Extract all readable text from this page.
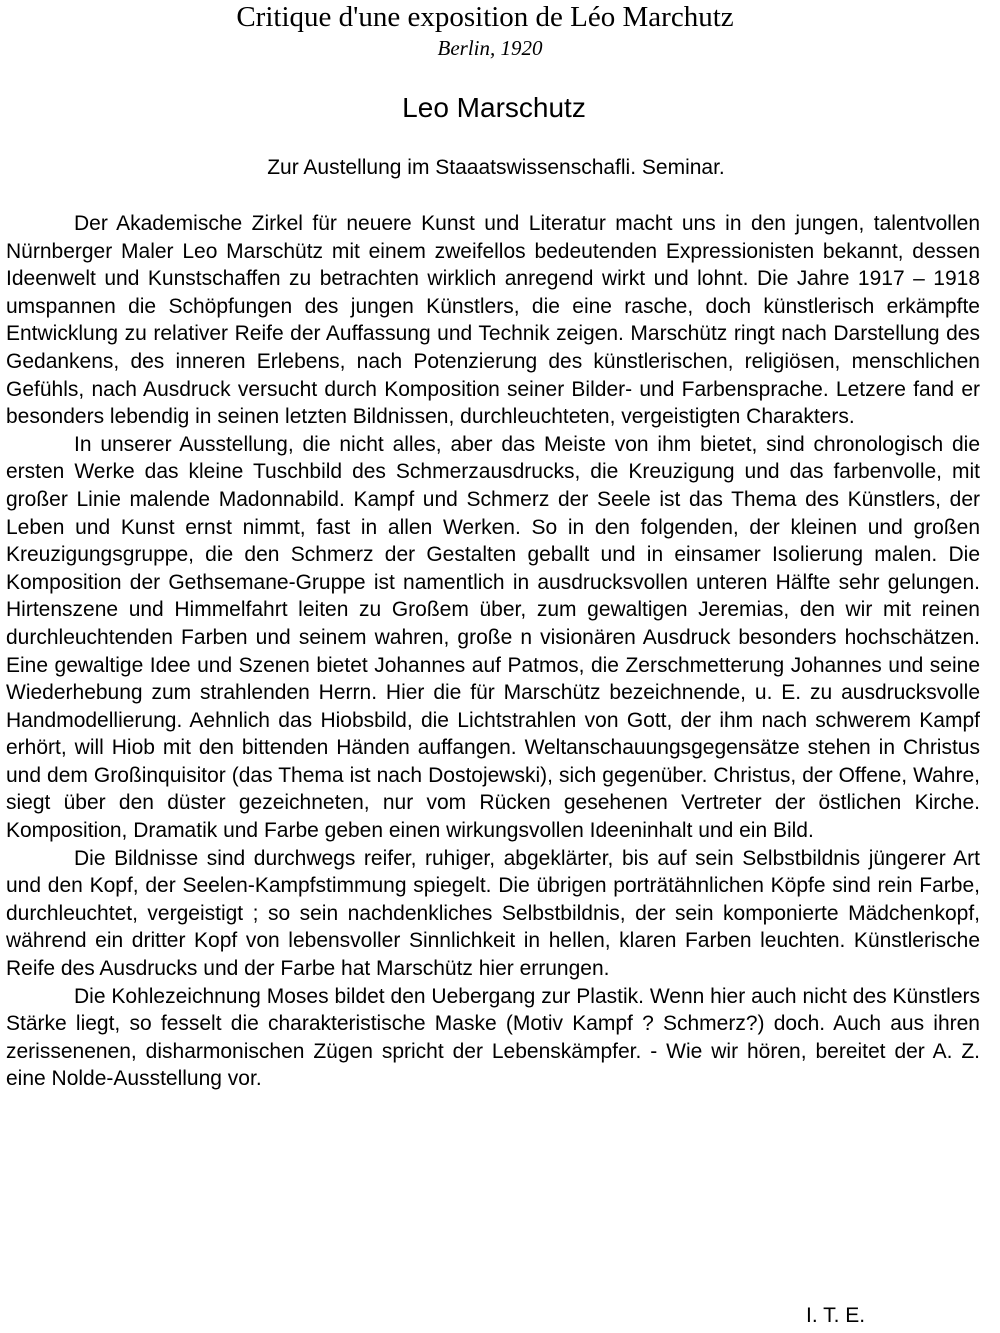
Critique d'une exposition de Léo Marchutz
Berlin, 1920
Leo Marschutz
Zur Austellung im Staaatswissenschafli. Seminar.

Der Akademische Zirkel für neuere Kunst und Literatur macht uns in den jungen, talentvollen Nürnberger Maler Leo Marschütz mit einem zweifellos bedeutenden Expressionisten bekannt, dessen Ideenwelt und Kunstschaffen zu betrachten wirklich anregend wirkt und lohnt. Die Jahre 1917 – 1918 umspannen die Schöpfungen des jungen Künstlers, die eine rasche, doch künstlerisch erkämpfte Entwicklung zu relativer Reife der Auffassung und Technik zeigen. Marschütz ringt nach Darstellung des Gedankens, des inneren Erlebens, nach Potenzierung des künstlerischen, religiösen, menschlichen Gefühls, nach Ausdruck versucht durch Komposition seiner Bilder- und Farbensprache. Letzere fand er besonders lebendig in seinen letzten Bildnissen, durchleuchteten, vergeistigten Charakters.

In unserer Ausstellung, die nicht alles, aber das Meiste von ihm bietet, sind chronologisch die ersten Werke das kleine Tuschbild des Schmerzausdrucks, die Kreuzigung und das farbenvolle, mit großer Linie malende Madonnabild. Kampf und Schmerz der Seele ist das Thema des Künstlers, der Leben und Kunst ernst nimmt, fast in allen Werken. So in den folgenden, der kleinen und großen Kreuzigungsgruppe, die den Schmerz der Gestalten geballt und in einsamer Isolierung malen. Die Komposition der Gethsemane-Gruppe ist namentlich in ausdrucksvollen unteren Hälfte sehr gelungen. Hirtenszene und Himmelfahrt leiten zu Großem über, zum gewaltigen Jeremias, den wir mit reinen durchleuchtenden Farben und seinem wahren, große n visionären Ausdruck besonders hochschätzen. Eine gewaltige Idee und Szenen bietet Johannes auf Patmos, die Zerschmetterung Johannes und seine Wiederhebung zum strahlenden Herrn. Hier die für Marschütz bezeichnende, u. E. zu ausdrucksvolle Handmodellierung. Aehnlich das Hiobsbild, die Lichtstrahlen von Gott, der ihm nach schwerem Kampf erhört, will Hiob mit den bittenden Händen auffangen. Weltanschauungsgegensätze stehen in Christus und dem Großinquisitor (das Thema ist nach Dostojewski), sich gegenüber. Christus, der Offene, Wahre, siegt über den düster gezeichneten, nur vom Rücken gesehenen Vertreter der östlichen Kirche. Komposition, Dramatik und Farbe geben einen wirkungsvollen Ideeninhalt und ein Bild.

Die Bildnisse sind durchwegs reifer, ruhiger, abgeklärter, bis auf sein Selbstbildnis jüngerer Art und den Kopf, der Seelen-Kampfstimmung spiegelt. Die übrigen porträtähnlichen Köpfe sind rein Farbe, durchleuchtet, vergeistigt ; so sein nachdenkliches Selbstbildnis, der sein komponierte Mädchenkopf, während ein dritter Kopf von lebensvoller Sinnlichkeit in hellen, klaren Farben leuchten. Künstlerische Reife des Ausdrucks und der Farbe hat Marschütz hier errungen.

Die Kohlezeichnung Moses bildet den Uebergang zur Plastik. Wenn hier auch nicht des Künstlers Stärke liegt, so fesselt die charakteristische Maske (Motiv Kampf ? Schmerz?) doch. Auch aus ihren zerissenenen, disharmonischen Zügen spricht der Lebenskämpfer. - Wie wir hören, bereitet der A. Z. eine Nolde-Ausstellung vor.

I. T. E.
